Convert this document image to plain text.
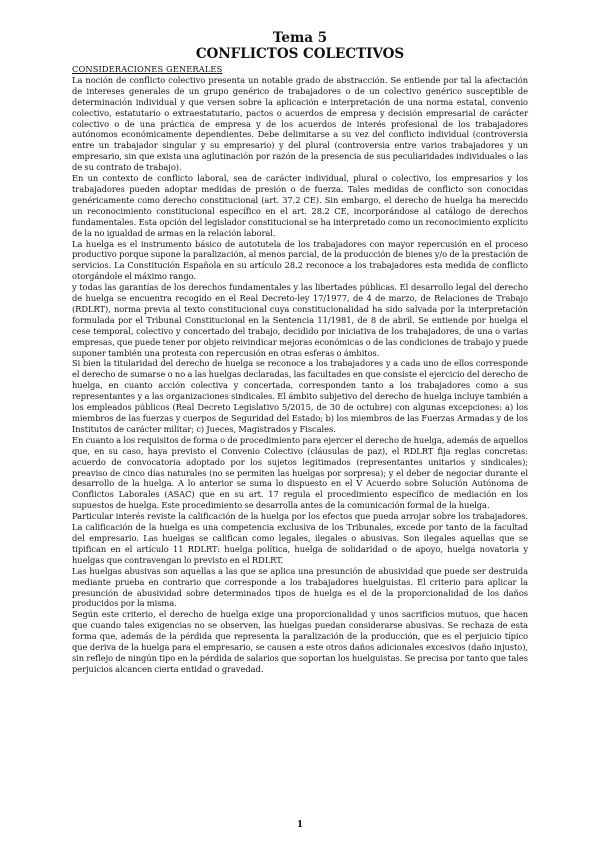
Tema 5
CONFLICTOS COLECTIVOS
CONSIDERACIONES GENERALES

La noción de conflicto colectivo presenta un notable grado de abstracción. Se entiende por tal la afectación de intereses generales de un grupo genérico de trabajadores o de un colectivo genérico susceptible de determinación individual y que versen sobre la aplicación e interpretación de una norma estatal, convenio colectivo, estatutario o extraestatutario, pactos o acuerdos de empresa y decisión empresarial de carácter colectivo o de una práctica de empresa y de los acuerdos de interés profesional de los trabajadores autónomos económicamente dependientes. Debe delimitarse a su vez del conflicto individual (controversia entre un trabajador singular y su empresario) y del plural (controversia entre varios trabajadores y un empresario, sin que exista una aglutinación por razón de la presencia de sus peculiaridades individuales o las de su contrato de trabajo).

En un contexto de conflicto laboral, sea de carácter individual, plural o colectivo, los empresarios y los trabajadores pueden adoptar medidas de presión o de fuerza. Tales medidas de conflicto son conocidas genéricamente como derecho constitucional (art. 37.2 CE). Sin embargo, el derecho de huelga ha merecido un reconocimiento constitucional específico en el art. 28.2 CE, incorporándose al catálogo de derechos fundamentales. Esta opción del legislador constitucional se ha interpretado como un reconocimiento explícito de la no igualdad de armas en la relación laboral.

La huelga es el instrumento básico de autotutela de los trabajadores con mayor repercusión en el proceso productivo porque supone la paralización, al menos parcial, de la producción de bienes y/o de la prestación de servicios. La Constitución Española en su artículo 28.2 reconoce a los trabajadores esta medida de conflicto otorgándole el máximo rango.

y todas las garantías de los derechos fundamentales y las libertades públicas. El desarrollo legal del derecho de huelga se encuentra recogido en el Real Decreto-ley 17/1977, de 4 de marzo, de Relaciones de Trabajo (RDLRT), norma previa al texto constitucional cuya constitucionalidad ha sido salvada por la interpretación formulada por el Tribunal Constitucional en la Sentencia 11/1981, de 8 de abril. Se entiende por huelga el cese temporal, colectivo y concertado del trabajo, decidido por iniciativa de los trabajadores, de una o varias empresas, que puede tener por objeto reivindicar mejoras económicas o de las condiciones de trabajo y puede suponer también una protesta con repercusión en otras esferas o ámbitos.

Si bien la titularidad del derecho de huelga se reconoce a los trabajadores y a cada uno de ellos corresponde el derecho de sumarse o no a las huelgas declaradas, las facultades en que consiste el ejercicio del derecho de huelga, en cuanto acción colectiva y concertada, corresponden tanto a los trabajadores como a sus representantes y a las organizaciones sindicales. El ámbito subjetivo del derecho de huelga incluye también a los empleados públicos (Real Decreto Legislativo 5/2015, de 30 de octubre) con algunas excepciones: a) los miembros de las fuerzas y cuerpos de Seguridad del Estado; b) los miembros de las Fuerzas Armadas y de los Institutos de carácter militar; c) Jueces, Magistrados y Fiscales.

En cuanto a los requisitos de forma o de procedimiento para ejercer el derecho de huelga, además de aquellos que, en su caso, haya previsto el Convenio Colectivo (cláusulas de paz), el RDLRT fija reglas concretas: acuerdo de convocatoria adoptado por los sujetos legitimados (representantes unitarios y sindicales); preaviso de cinco días naturales (no se permiten las huelgas por sorpresa); y el deber de negociar durante el desarrollo de la huelga. A lo anterior se suma lo dispuesto en el V Acuerdo sobre Solución Autónoma de Conflictos Laborales (ASAC) que en su art. 17 regula el procedimiento específico de mediación en los supuestos de huelga. Este procedimiento se desarrolla antes de la comunicación formal de la huelga.

Particular interés reviste la calificación de la huelga por los efectos que pueda arrojar sobre los trabajadores. La calificación de la huelga es una competencia exclusiva de los Tribunales, excede por tanto de la facultad del empresario. Las huelgas se califican como legales, ilegales o abusivas. Son ilegales aquellas que se tipifican en el artículo 11 RDLRT: huelga política, huelga de solidaridad o de apoyo, huelga novatoria y huelgas que contravengan lo previsto en el RDLRT.

Las huelgas abusivas son aquellas a las que se aplica una presunción de abusividad que puede ser destruida mediante prueba en contrario que corresponde a los trabajadores huelguistas. El criterio para aplicar la presunción de abusividad sobre determinados tipos de huelga es el de la proporcionalidad de los daños producidos por la misma.

Según este criterio, el derecho de huelga exige una proporcionalidad y unos sacrificios mutuos, que hacen que cuando tales exigencias no se observen, las huelgas puedan considerarse abusivas. Se rechaza de esta forma que, además de la pérdida que representa la paralización de la producción, que es el perjuicio típico que deriva de la huelga para el empresario, se causen a este otros daños adicionales excesivos (daño injusto), sin reflejo de ningún tipo en la pérdida de salarios que soportan los huelguistas. Se precisa por tanto que tales perjuicios alcancen cierta entidad o gravedad.

1
